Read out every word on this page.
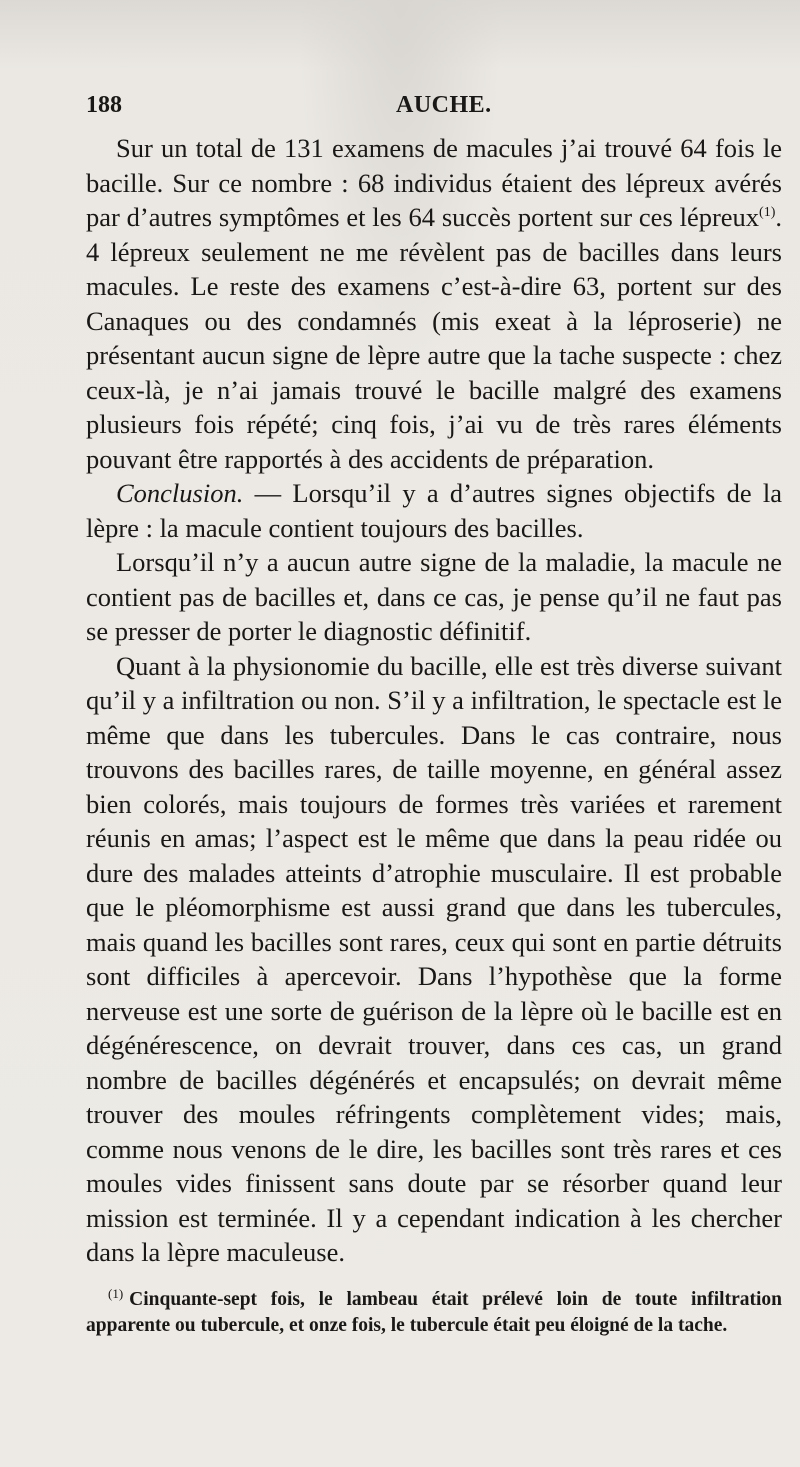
188	AUCHE.

Sur un total de 131 examens de macules j’ai trouvé 64 fois le bacille. Sur ce nombre : 68 individus étaient des lépreux avérés par d’autres symptômes et les 64 succès portent sur ces lépreux$^{(1)}$. 4 lépreux seulement ne me révèlent pas de bacilles dans leurs macules. Le reste des examens c’est-à-dire 63, portent sur des Canaques ou des condamnés (mis exeat à la léproserie) ne présentant aucun signe de lèpre autre que la tache suspecte : chez ceux-là, je n’ai jamais trouvé le bacille malgré des examens plusieurs fois répété; cinq fois, j’ai vu de très rares éléments pouvant être rapportés à des accidents de préparation.

Conclusion. — Lorsqu’il y a d’autres signes objectifs de la lèpre : la macule contient toujours des bacilles.

Lorsqu’il n’y a aucun autre signe de la maladie, la macule ne contient pas de bacilles et, dans ce cas, je pense qu’il ne faut pas se presser de porter le diagnostic définitif.

Quant à la physionomie du bacille, elle est très diverse suivant qu’il y a infiltration ou non. S’il y a infiltration, le spectacle est le même que dans les tubercules. Dans le cas contraire, nous trouvons des bacilles rares, de taille moyenne, en général assez bien colorés, mais toujours de formes très variées et rarement réunis en amas; l’aspect est le même que dans la peau ridée ou dure des malades atteints d’atrophie musculaire. Il est probable que le pléomorphisme est aussi grand que dans les tubercules, mais quand les bacilles sont rares, ceux qui sont en partie détruits sont difficiles à apercevoir. Dans l’hypothèse que la forme nerveuse est une sorte de guérison de la lèpre où le bacille est en dégénérescence, on devrait trouver, dans ces cas, un grand nombre de bacilles dégénérés et encapsulés; on devrait même trouver des moules réfringents complètement vides; mais, comme nous venons de le dire, les bacilles sont très rares et ces moules vides finissent sans doute par se résorber quand leur mission est terminée. Il y a cependant indication à les chercher dans la lèpre maculeuse.

$^{(1)}$ Cinquante-sept fois, le lambeau était prélevé loin de toute infiltration apparente ou tubercule, et onze fois, le tubercule était peu éloigné de la tache.
